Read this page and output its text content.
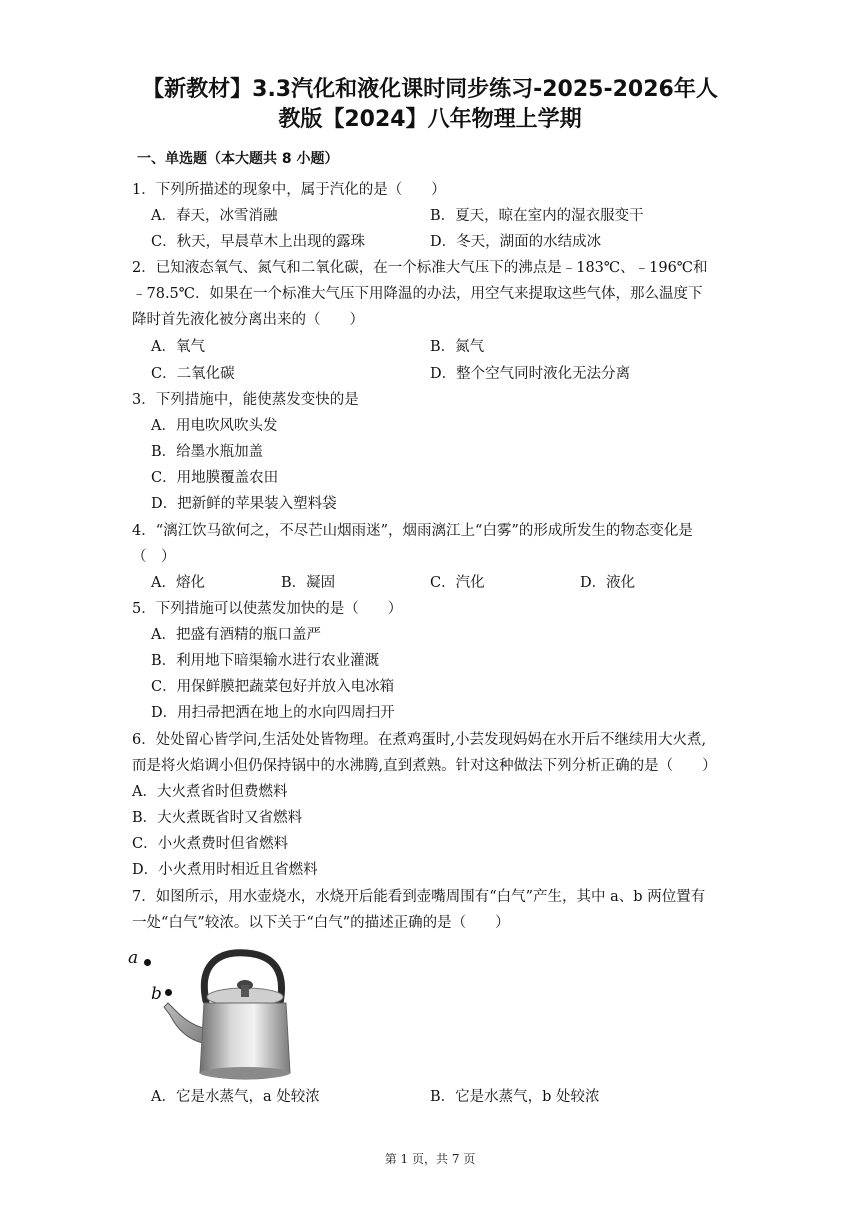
【新教材】3.3汽化和液化课时同步练习-2025-2026年人
教版【2024】八年物理上学期
一、单选题（本大题共 8 小题）
1．下列所描述的现象中，属于汽化的是（　　）
A．春天，冰雪消融	B．夏天，晾在室内的湿衣服变干
C．秋天，早晨草木上出现的露珠	D．冬天，湖面的水结成冰
2．已知液态氧气、氮气和二氧化碳，在一个标准大气压下的沸点是﹣183℃、﹣196℃和
﹣78.5℃．如果在一个标准大气压下用降温的办法，用空气来提取这些气体，那么温度下
降时首先液化被分离出来的（　　）
A．氧气	B．氮气
C．二氧化碳	D．整个空气同时液化无法分离
3．下列措施中，能使蒸发变快的是
A．用电吹风吹头发
B．给墨水瓶加盖
C．用地膜覆盖农田
D．把新鲜的苹果装入塑料袋
4．“漓江饮马欲何之，不尽芒山烟雨迷”，烟雨漓江上“白雾”的形成所发生的物态变化是
（　）
A．熔化	B．凝固	C．汽化	D．液化
5．下列措施可以使蒸发加快的是（　　）
A．把盛有酒精的瓶口盖严
B．利用地下暗渠输水进行农业灌溉
C．用保鲜膜把蔬菜包好并放入电冰箱
D．用扫帚把洒在地上的水向四周扫开
6．处处留心皆学问,生活处处皆物理。在煮鸡蛋时,小芸发现妈妈在水开后不继续用大火煮,
而是将火焰调小但仍保持锅中的水沸腾,直到煮熟。针对这种做法下列分析正确的是（　　）
A．大火煮省时但费燃料
B．大火煮既省时又省燃料
C．小火煮费时但省燃料
D．小火煮用时相近且省燃料
7．如图所示，用水壶烧水，水烧开后能看到壶嘴周围有“白气”产生，其中 a、b 两位置有
一处“白气”较浓。以下关于“白气”的描述正确的是（　　）
a
b
A．它是水蒸气，a 处较浓	B．它是水蒸气，b 处较浓
第 1 页，共 7 页
